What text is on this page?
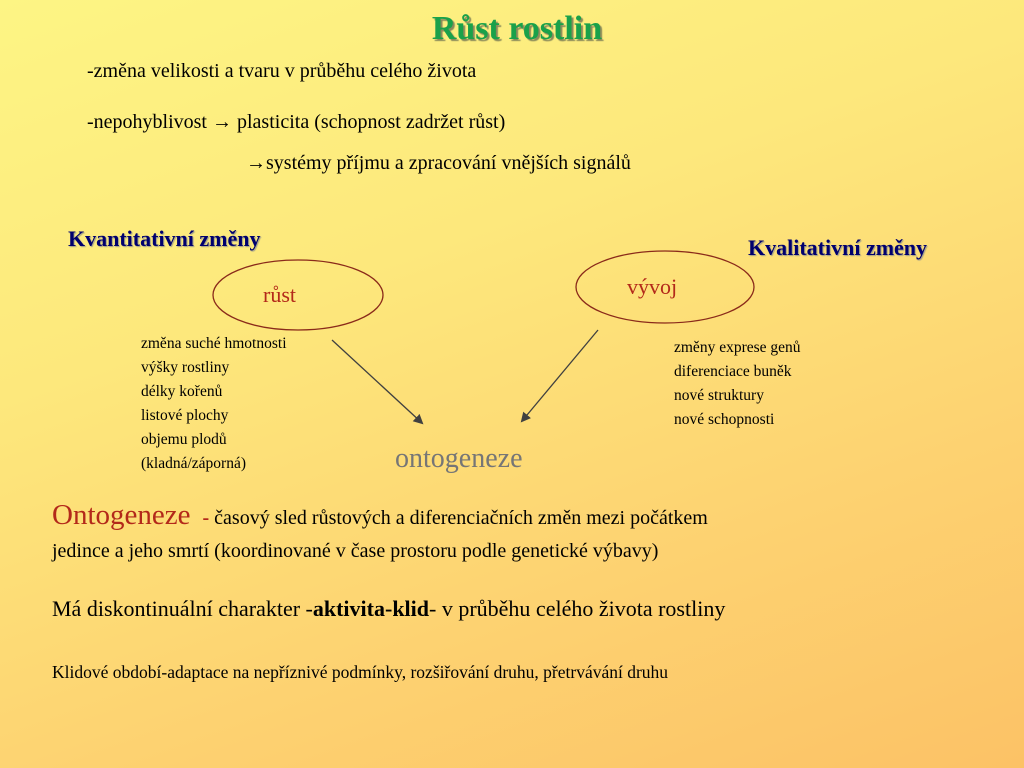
Růst rostlin
-změna velikosti a tvaru v průběhu celého života
-nepohyblivost → plasticita (schopnost zadržet růst)
→systémy příjmu a zpracování vnějších signálů
Kvantitativní změny	Kvalitativní změny
růst	vývoj
změna suché hmotnosti
výšky rostliny
délky kořenů
listové plochy
objemu plodů
(kladná/záporná)
změny exprese genů
diferenciace buněk
nové struktury
nové schopnosti
ontogeneze
Ontogeneze - časový sled růstových a diferenciačních změn mezi počátkem
jedince a jeho smrtí (koordinované v čase prostoru podle genetické výbavy)
Má diskontinuální charakter -aktivita-klid- v průběhu celého života rostliny
Klidové období-adaptace na nepříznivé podmínky, rozšiřování druhu, přetrvávání druhu
